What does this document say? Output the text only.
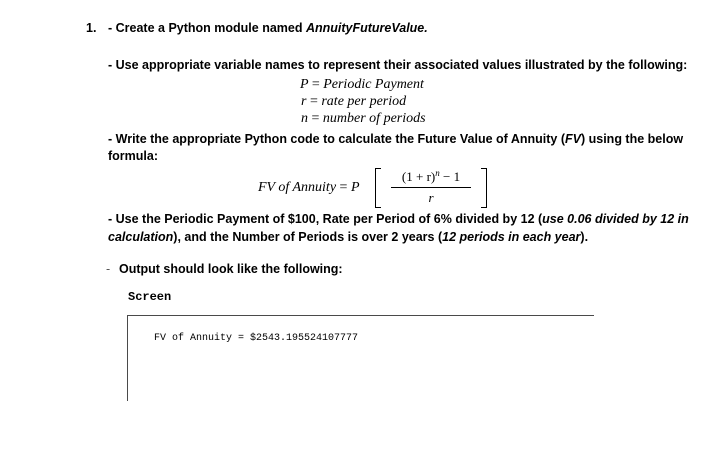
1. - Create a Python module named AnnuityFutureValue.
- Use appropriate variable names to represent their associated values illustrated by the following:
P = Periodic Payment
r = rate per period
n = number of periods
- Write the appropriate Python code to calculate the Future Value of Annuity (FV) using the below
formula:
FV of Annuity = P
$(1 + r)^n - 1$
r
- Use the Periodic Payment of $100, Rate per Period of 6% divided by 12 (use 0.06 divided by 12 in
calculation), and the Number of Periods is over 2 years (12 periods in each year).
- Output should look like the following:
Screen
FV of Annuity = $2543.195524107777
